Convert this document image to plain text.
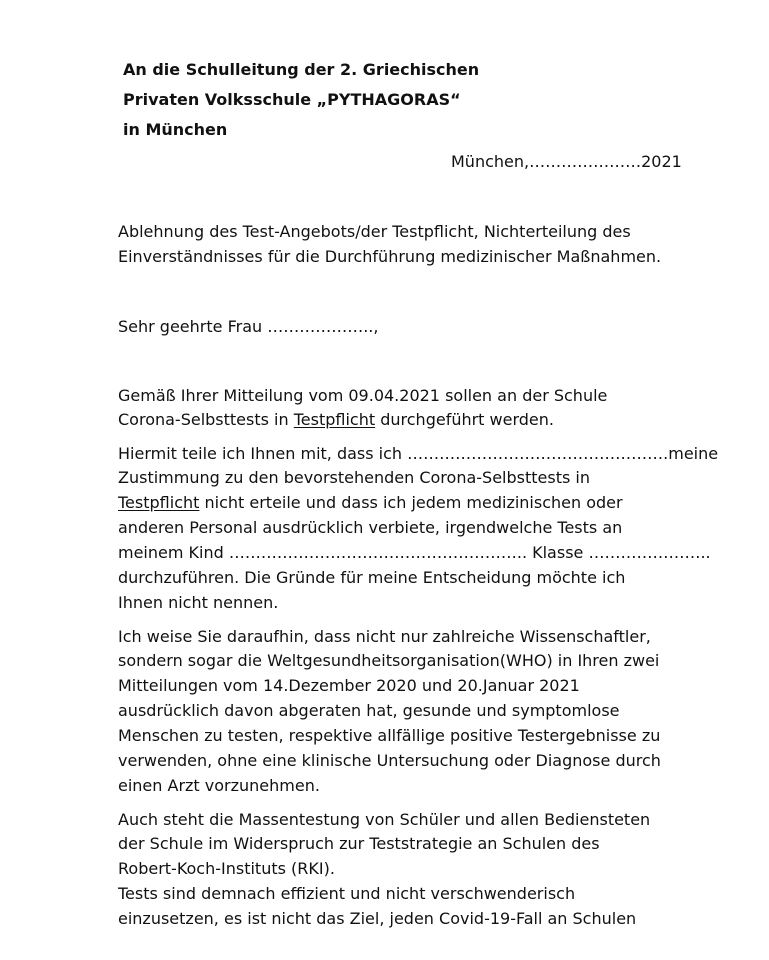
An die Schulleitung der 2. Griechischen
Privaten Volksschule „PYTHAGORAS“
in München
München,…………………2021
Ablehnung des Test-Angebots/der Testpflicht, Nichterteilung des
Einverständnisses für die Durchführung medizinischer Maßnahmen.
Sehr geehrte Frau ………………..,
Gemäß Ihrer Mitteilung vom 09.04.2021 sollen an der Schule
Corona-Selbsttests in Testpflicht durchgeführt werden.
Hiermit teile ich Ihnen mit, dass ich ………………………………………….meine
Zustimmung zu den bevorstehenden Corona-Selbsttests in
Testpflicht nicht erteile und dass ich jedem medizinischen oder
anderen Personal ausdrücklich verbiete, irgendwelche Tests an
meinem Kind ……………………………………………….. Klasse …………………..
durchzuführen. Die Gründe für meine Entscheidung möchte ich
Ihnen nicht nennen.
Ich weise Sie daraufhin, dass nicht nur zahlreiche Wissenschaftler,
sondern sogar die Weltgesundheitsorganisation(WHO) in Ihren zwei
Mitteilungen vom 14.Dezember 2020 und 20.Januar 2021
ausdrücklich davon abgeraten hat, gesunde und symptomlose
Menschen zu testen, respektive allfällige positive Testergebnisse zu
verwenden, ohne eine klinische Untersuchung oder Diagnose durch
einen Arzt vorzunehmen.
Auch steht die Massentestung von Schüler und allen Bediensteten
der Schule im Widerspruch zur Teststrategie an Schulen des
Robert-Koch-Instituts (RKI).
Tests sind demnach effizient und nicht verschwenderisch
einzusetzen, es ist nicht das Ziel, jeden Covid-19-Fall an Schulen
